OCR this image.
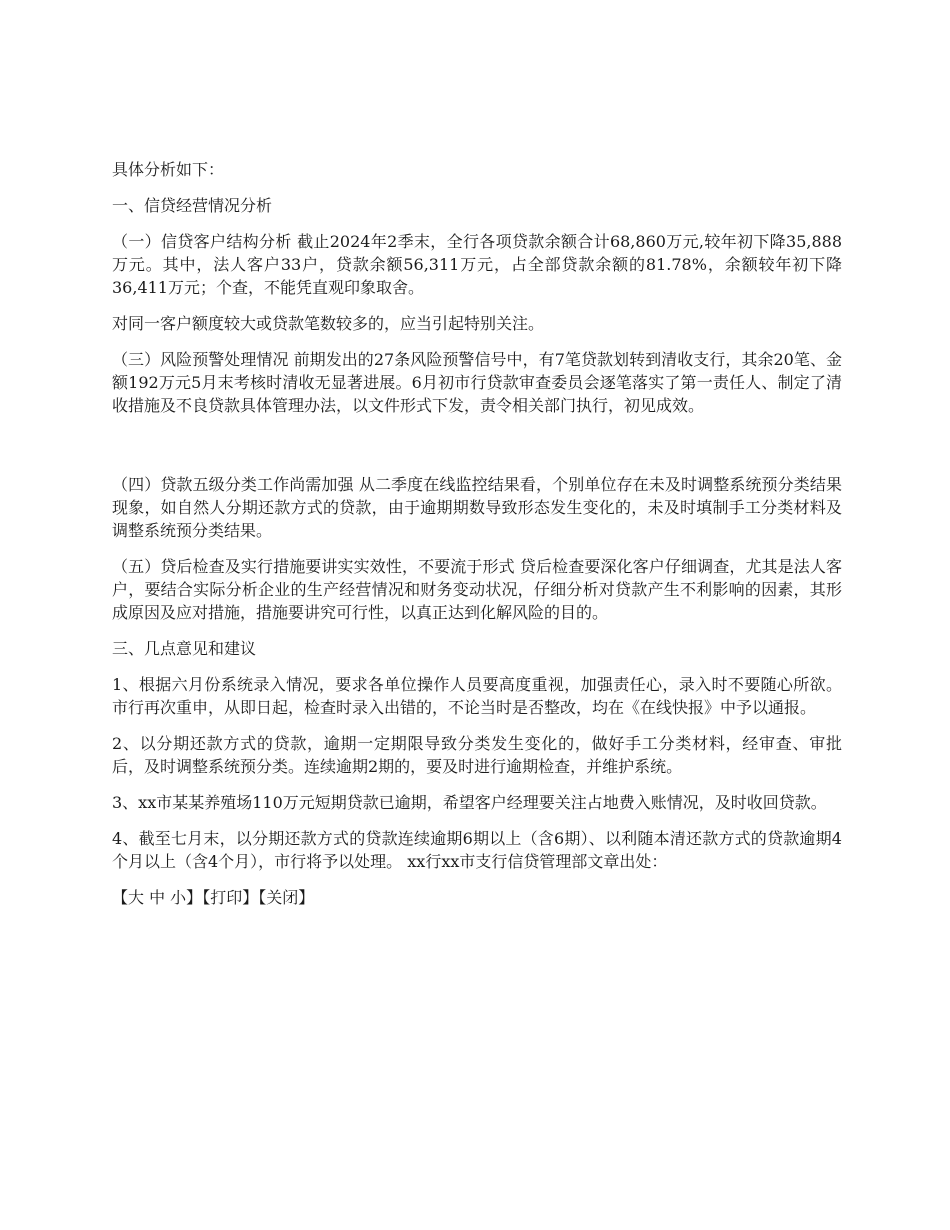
具体分析如下：

一、信贷经营情况分析

（一）信贷客户结构分析 截止2024年2季末，全行各项贷款余额合计68,860万元,较年初下降35,888万元。其中，法人客户33户，贷款余额56,311万元，占全部贷款余额的81.78%，余额较年初下降36,411万元；个查，不能凭直观印象取舍。

对同一客户额度较大或贷款笔数较多的，应当引起特别关注。

（三）风险预警处理情况 前期发出的27条风险预警信号中，有7笔贷款划转到清收支行，其余20笔、金额192万元5月末考核时清收无显著进展。6月初市行贷款审查委员会逐笔落实了第一责任人、制定了清收措施及不良贷款具体管理办法，以文件形式下发，责令相关部门执行，初见成效。

（四）贷款五级分类工作尚需加强 从二季度在线监控结果看，个别单位存在未及时调整系统预分类结果现象，如自然人分期还款方式的贷款，由于逾期期数导致形态发生变化的，未及时填制手工分类材料及调整系统预分类结果。

（五）贷后检查及实行措施要讲实实效性，不要流于形式 贷后检查要深化客户仔细调查，尤其是法人客户，要结合实际分析企业的生产经营情况和财务变动状况，仔细分析对贷款产生不利影响的因素，其形成原因及应对措施，措施要讲究可行性，以真正达到化解风险的目的。

三、几点意见和建议

1、根据六月份系统录入情况，要求各单位操作人员要高度重视，加强责任心，录入时不要随心所欲。市行再次重申，从即日起，检查时录入出错的，不论当时是否整改，均在《在线快报》中予以通报。

2、以分期还款方式的贷款，逾期一定期限导致分类发生变化的，做好手工分类材料，经审查、审批后，及时调整系统预分类。连续逾期2期的，要及时进行逾期检查，并维护系统。

3、xx市某某养殖场110万元短期贷款已逾期，希望客户经理要关注占地费入账情况，及时收回贷款。

4、截至七月末，以分期还款方式的贷款连续逾期6期以上（含6期）、以利随本清还款方式的贷款逾期4个月以上（含4个月），市行将予以处理。 xx行xx市支行信贷管理部文章出处：

【大 中 小】【打印】【关闭】
